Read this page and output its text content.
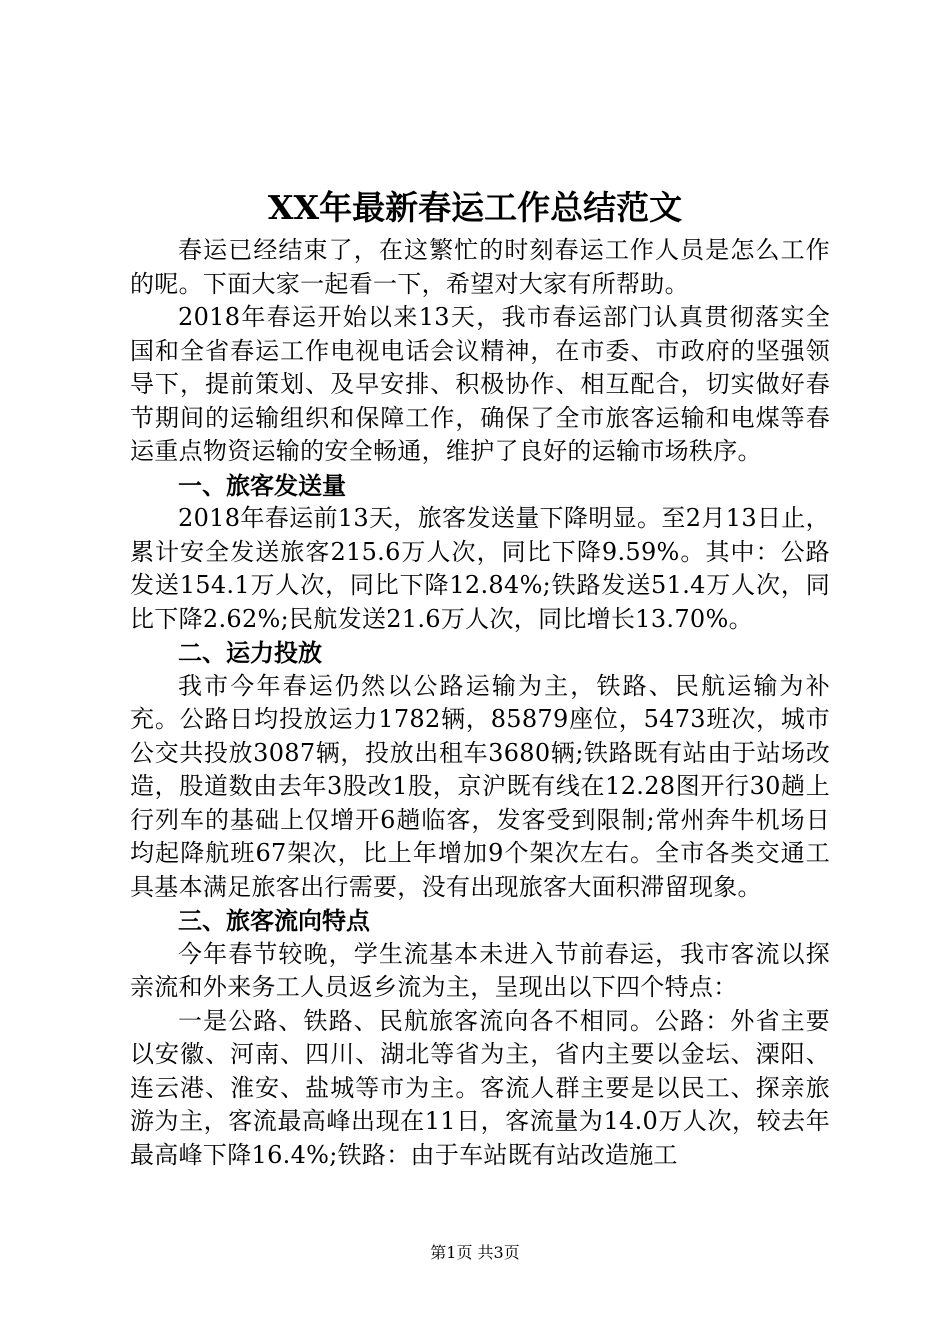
XX年最新春运工作总结范文

春运已经结束了，在这繁忙的时刻春运工作人员是怎么工作的呢。下面大家一起看一下，希望对大家有所帮助。

2018年春运开始以来13天，我市春运部门认真贯彻落实全国和全省春运工作电视电话会议精神，在市委、市政府的坚强领导下，提前策划、及早安排、积极协作、相互配合，切实做好春节期间的运输组织和保障工作，确保了全市旅客运输和电煤等春运重点物资运输的安全畅通，维护了良好的运输市场秩序。

一、旅客发送量

2018年春运前13天，旅客发送量下降明显。至2月13日止，累计安全发送旅客215.6万人次，同比下降9.59%。其中：公路发送154.1万人次，同比下降12.84%;铁路发送51.4万人次，同比下降2.62%;民航发送21.6万人次，同比增长13.70%。

二、运力投放

我市今年春运仍然以公路运输为主，铁路、民航运输为补充。公路日均投放运力1782辆，85879座位，5473班次，城市公交共投放3087辆，投放出租车3680辆;铁路既有站由于站场改造，股道数由去年3股改1股，京沪既有线在12.28图开行30趟上行列车的基础上仅增开6趟临客，发客受到限制;常州奔牛机场日均起降航班67架次，比上年增加9个架次左右。全市各类交通工具基本满足旅客出行需要，没有出现旅客大面积滞留现象。

三、旅客流向特点

今年春节较晚，学生流基本未进入节前春运，我市客流以探亲流和外来务工人员返乡流为主，呈现出以下四个特点：

一是公路、铁路、民航旅客流向各不相同。公路：外省主要以安徽、河南、四川、湖北等省为主，省内主要以金坛、溧阳、连云港、淮安、盐城等市为主。客流人群主要是以民工、探亲旅游为主，客流最高峰出现在11日，客流量为14.0万人次，较去年最高峰下降16.4%;铁路：由于车站既有站改造施工

第1页 共3页
